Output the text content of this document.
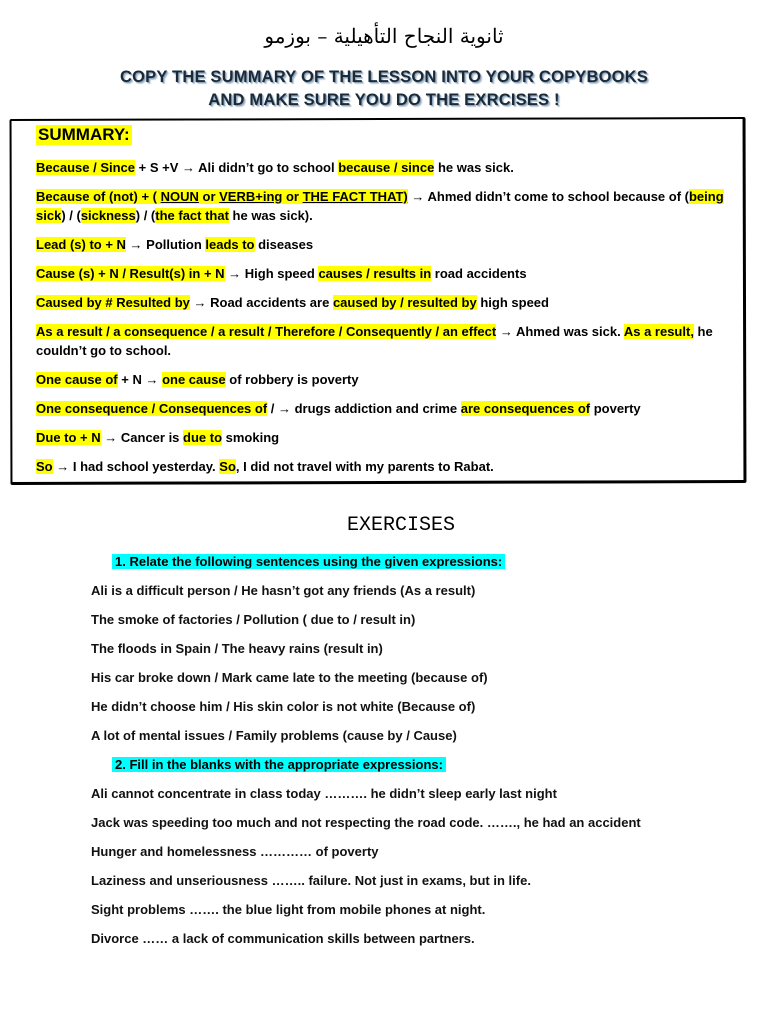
ثانوية النجاح التأهيلية – بوزمو
COPY THE SUMMARY OF THE LESSON INTO YOUR COPYBOOKS
AND MAKE SURE YOU DO THE EXRCISES !
SUMMARY:
Because / Since + S +V → Ali didn’t go to school because / since he was sick.
Because of (not) + ( NOUN or VERB+ing or THE FACT THAT) → Ahmed didn’t come to school because of (being sick) / (sickness) / (the fact that he was sick).
Lead (s) to + N → Pollution leads to diseases
Cause (s) + N / Result(s) in + N → High speed causes / results in road accidents
Caused by # Resulted by → Road accidents are caused by / resulted by high speed
As a result / a consequence / a result / Therefore / Consequently / an effect → Ahmed was sick. As a result, he couldn’t go to school.
One cause of + N → one cause of robbery is poverty
One consequence / Consequences of / → drugs addiction and crime are consequences of poverty
Due to + N → Cancer is due to smoking
So → I had school yesterday. So, I did not travel with my parents to Rabat.
EXERCISES
1. Relate the following sentences using the given expressions:
Ali is a difficult person / He hasn’t got any friends (As a result)
The smoke of factories / Pollution ( due to / result in)
The floods in Spain / The heavy rains (result in)
His car broke down / Mark came late to the meeting (because of)
He didn’t choose him / His skin color is not white (Because of)
A lot of mental issues / Family problems (cause by / Cause)
2. Fill in the blanks with the appropriate expressions:
Ali cannot concentrate in class today ………. he didn’t sleep early last night
Jack was speeding too much and not respecting the road code. ……., he had an accident
Hunger and homelessness ………… of poverty
Laziness and unseriousness …….. failure. Not just in exams, but in life.
Sight problems ……. the blue light from mobile phones at night.
Divorce …… a lack of communication skills between partners.
